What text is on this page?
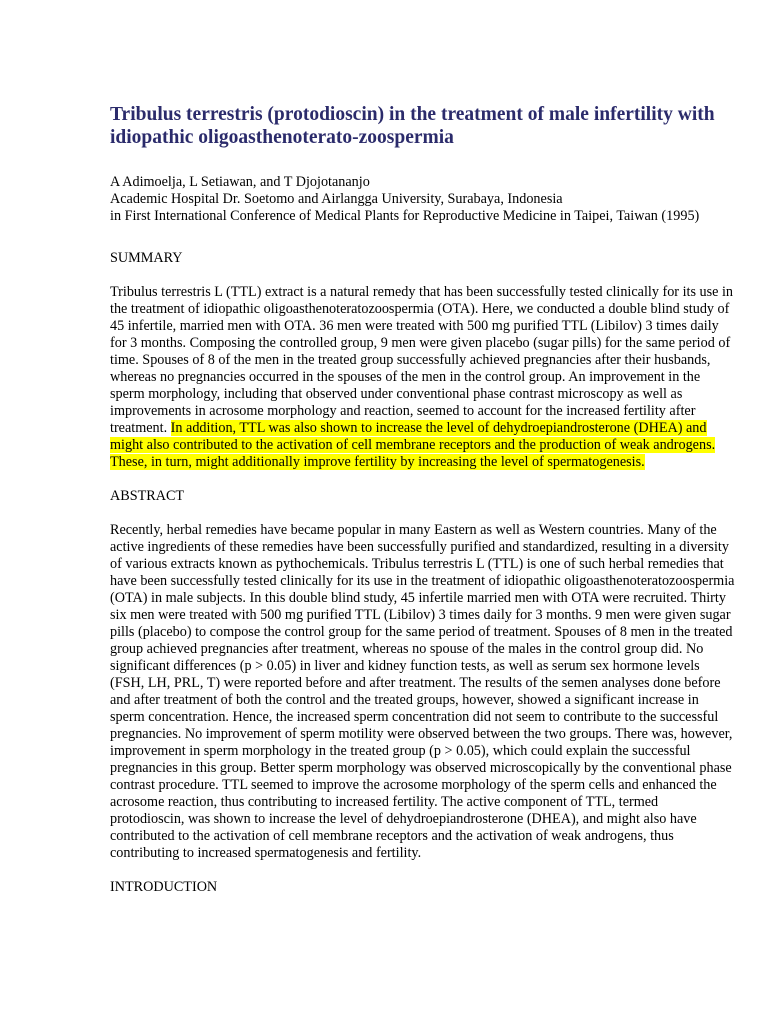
Tribulus terrestris (protodioscin) in the treatment of male infertility with idiopathic oligoasthenoterato-zoospermia
A Adimoelja, L Setiawan, and T Djojotananjo
Academic Hospital Dr. Soetomo and Airlangga University, Surabaya, Indonesia
in First International Conference of Medical Plants for Reproductive Medicine in Taipei, Taiwan (1995)
SUMMARY

Tribulus terrestris L (TTL) extract is a natural remedy that has been successfully tested clinically for its use in the treatment of idiopathic oligoasthenoteratozoospermia (OTA). Here, we conducted a double blind study of 45 infertile, married men with OTA. 36 men were treated with 500 mg purified TTL (Libilov) 3 times daily for 3 months. Composing the controlled group, 9 men were given placebo (sugar pills) for the same period of time. Spouses of 8 of the men in the treated group successfully achieved pregnancies after their husbands, whereas no pregnancies occurred in the spouses of the men in the control group. An improvement in the sperm morphology, including that observed under conventional phase contrast microscopy as well as improvements in acrosome morphology and reaction, seemed to account for the increased fertility after treatment. In addition, TTL was also shown to increase the level of dehydroepiandrosterone (DHEA) and might also contributed to the activation of cell membrane receptors and the production of weak androgens. These, in turn, might additionally improve fertility by increasing the level of spermatogenesis.

ABSTRACT

Recently, herbal remedies have became popular in many Eastern as well as Western countries. Many of the active ingredients of these remedies have been successfully purified and standardized, resulting in a diversity of various extracts known as pythochemicals. Tribulus terrestris L (TTL) is one of such herbal remedies that have been successfully tested clinically for its use in the treatment of idiopathic oligoasthenoteratozoospermia (OTA) in male subjects. In this double blind study, 45 infertile married men with OTA were recruited. Thirty six men were treated with 500 mg purified TTL (Libilov) 3 times daily for 3 months. 9 men were given sugar pills (placebo) to compose the control group for the same period of treatment. Spouses of 8 men in the treated group achieved pregnancies after treatment, whereas no spouse of the males in the control group did. No significant differences (p > 0.05) in liver and kidney function tests, as well as serum sex hormone levels (FSH, LH, PRL, T) were reported before and after treatment. The results of the semen analyses done before and after treatment of both the control and the treated groups, however, showed a significant increase in sperm concentration. Hence, the increased sperm concentration did not seem to contribute to the successful pregnancies. No improvement of sperm motility were observed between the two groups. There was, however, improvement in sperm morphology in the treated group (p > 0.05), which could explain the successful pregnancies in this group. Better sperm morphology was observed microscopically by the conventional phase contrast procedure. TTL seemed to improve the acrosome morphology of the sperm cells and enhanced the acrosome reaction, thus contributing to increased fertility. The active component of TTL, termed protodioscin, was shown to increase the level of dehydroepiandrosterone (DHEA), and might also have contributed to the activation of cell membrane receptors and the activation of weak androgens, thus contributing to increased spermatogenesis and fertility.

INTRODUCTION
